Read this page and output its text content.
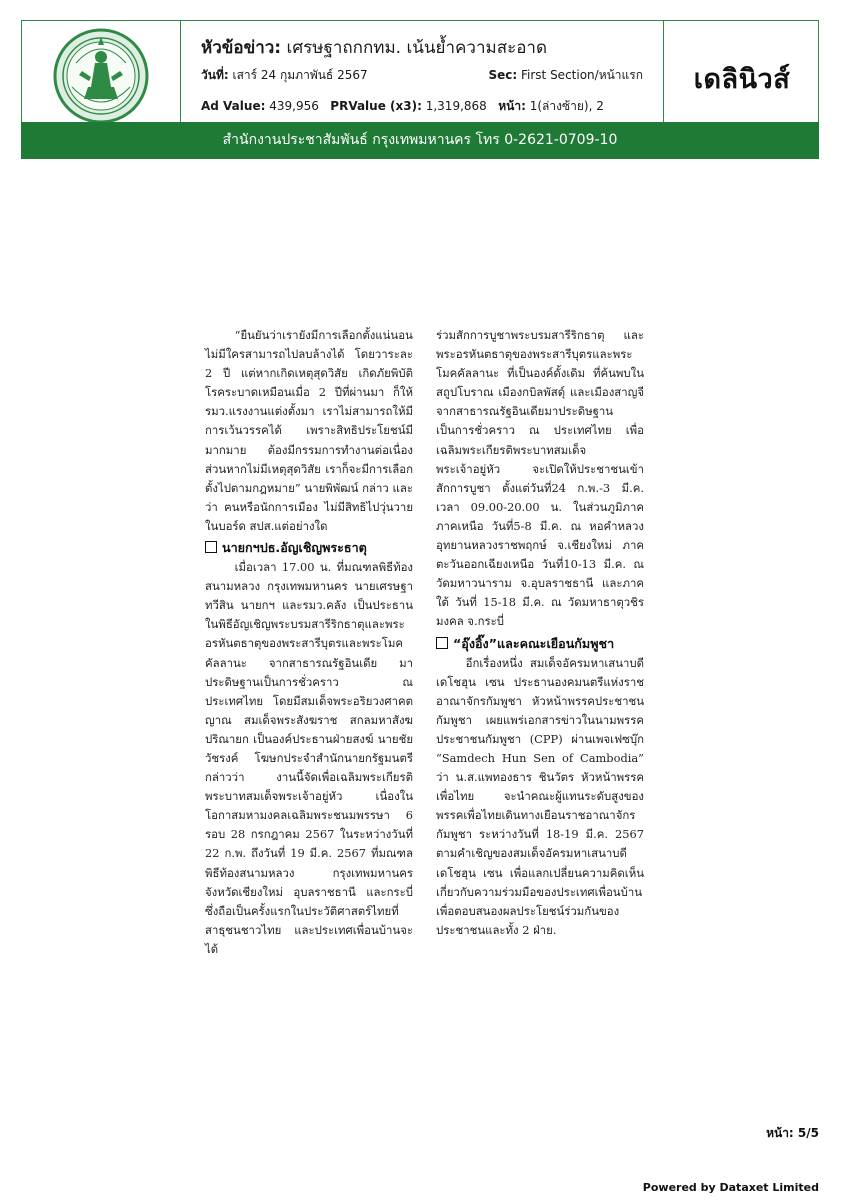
หัวข้อข่าว: เศรษฐาถกกทม. เน้นย้ำความสะอาด
วันที่: เสาร์ 24 กุมภาพันธ์ 2567	Sec: First Section/หน้าแรก
Ad Value: 439,956 PRValue (x3): 1,319,868 หน้า: 1(ล่างซ้าย), 2
เดลินิวส์
สำนักงานประชาสัมพันธ์ กรุงเทพมหานคร โทร 0-2621-0709-10

“ยืนยันว่าเรายังมีการเลือกตั้งแน่นอน ไม่มีใครสามารถไปลบล้างได้ โดยวาระละ 2 ปี แต่หากเกิดเหตุสุดวิสัย เกิดภัยพิบัติ โรคระบาดเหมือนเมื่อ 2 ปีที่ผ่านมา ก็ให้รมว.แรงงานแต่งตั้งมา เราไม่สามารถให้มีการเว้นวรรคได้ เพราะสิทธิประโยชน์มีมากมาย ต้องมีกรรมการทำงานต่อเนื่อง ส่วนหากไม่มีเหตุสุดวิสัย เราก็จะมีการเลือกตั้งไปตามกฎหมาย” นายพิพัฒน์ กล่าว และว่า ฅนหรือนักการเมือง ไม่มีสิทธิไปวุ่นวายในบอร์ด สปส.แต่อย่างใด

นายกฯปธ.อัญเชิญพระธาตุ

เมื่อเวลา 17.00 น. ที่มณฑลพิธีท้องสนามหลวง กรุงเทพมหานคร นายเศรษฐา ทวีสิน นายกฯ และรมว.คลัง เป็นประธานในพิธีอัญเชิญพระบรมสารีริกธาตุและพระอรหันตธาตุของพระสารีบุตรและพระโมคคัลลานะ จากสาธารณรัฐอินเดีย มาประดิษฐานเป็นการชั่วคราว ณ ประเทศไทย โดยมีสมเด็จพระอริยวงศาคตญาณ สมเด็จพระสังฆราช สกลมหาสังฆปริณายก เป็นองค์ประธานฝ่ายสงฆ์ นายชัย วัชรงค์ โฆษกประจำสำนักนายกรัฐมนตรี กล่าวว่า งานนี้จัดเพื่อเฉลิมพระเกียรติพระบาทสมเด็จพระเจ้าอยู่หัว เนื่องในโอกาสมหามงคลเฉลิมพระชนมพรรษา 6 รอบ 28 กรกฎาคม 2567 ในระหว่างวันที่ 22 ก.พ. ถึงวันที่ 19 มี.ค. 2567 ที่มณฑลพิธีท้องสนามหลวง กรุงเทพมหานคร จังหวัดเชียงใหม่ อุบลราชธานี และกระบี่ ซึ่งถือเป็นครั้งแรกในประวัติศาสตร์ไทยที่สาธุชนชาวไทย และประเทศเพื่อนบ้านจะได้

ร่วมสักการบูชาพระบรมสารีริกธาตุ และพระอรหันตธาตุของพระสารีบุตรและพระโมคคัลลานะ ที่เป็นองค์ดั้งเดิม ที่ค้นพบในสถูปโบราณ เมืองกบิลพัสดุ์ และเมืองสาญจี จากสาธารณรัฐอินเดียมาประดิษฐานเป็นการชั่วคราว ณ ประเทศไทย เพื่อเฉลิมพระเกียรติพระบาทสมเด็จพระเจ้าอยู่หัว จะเปิดให้ประชาชนเข้าสักการบูชา ตั้งแต่วันที่24 ก.พ.-3 มี.ค. เวลา 09.00-20.00 น. ในส่วนภูมิภาค ภาคเหนือ วันที่5-8 มี.ค. ณ หอคำหลวง อุทยานหลวงราชพฤกษ์ จ.เชียงใหม่ ภาคตะวันออกเฉียงเหนือ วันที่10-13 มี.ค. ณ วัดมหาวนาราม จ.อุบลราชธานี และภาคใต้ วันที่ 15-18 มี.ค. ณ วัดมหาธาตุวชิรมงคล จ.กระบี่

“อุ๊งอิ๊ง”และคณะเยือนกัมพูชา

อีกเรื่องหนึ่ง สมเด็จอัครมหาเสนาบดีเดโชฮุน เซน ประธานองคมนตรีแห่งราชอาณาจักรกัมพูชา หัวหน้าพรรคประชาชนกัมพูชา เผยแพร่เอกสารข่าวในนามพรรคประชาชนกัมพูชา (CPP) ผ่านเพจเฟซบุ๊ก “Samdech Hun Sen of Cambodia” ว่า น.ส.แพทองธาร ชินวัตร หัวหน้าพรรคเพื่อไทย จะนำคณะผู้แทนระดับสูงของพรรคเพื่อไทยเดินทางเยือนราชอาณาจักรกัมพูชา ระหว่างวันที่ 18-19 มี.ค. 2567 ตามคำเชิญของสมเด็จอัครมหาเสนาบดีเดโชฮุน เซน เพื่อแลกเปลี่ยนความคิดเห็นเกี่ยวกับความร่วมมือของประเทศเพื่อนบ้าน เพื่อตอบสนองผลประโยชน์ร่วมกันของประชาชนและทั้ง 2 ฝ่าย.

หน้า: 5/5
Powered by Dataxet Limited
